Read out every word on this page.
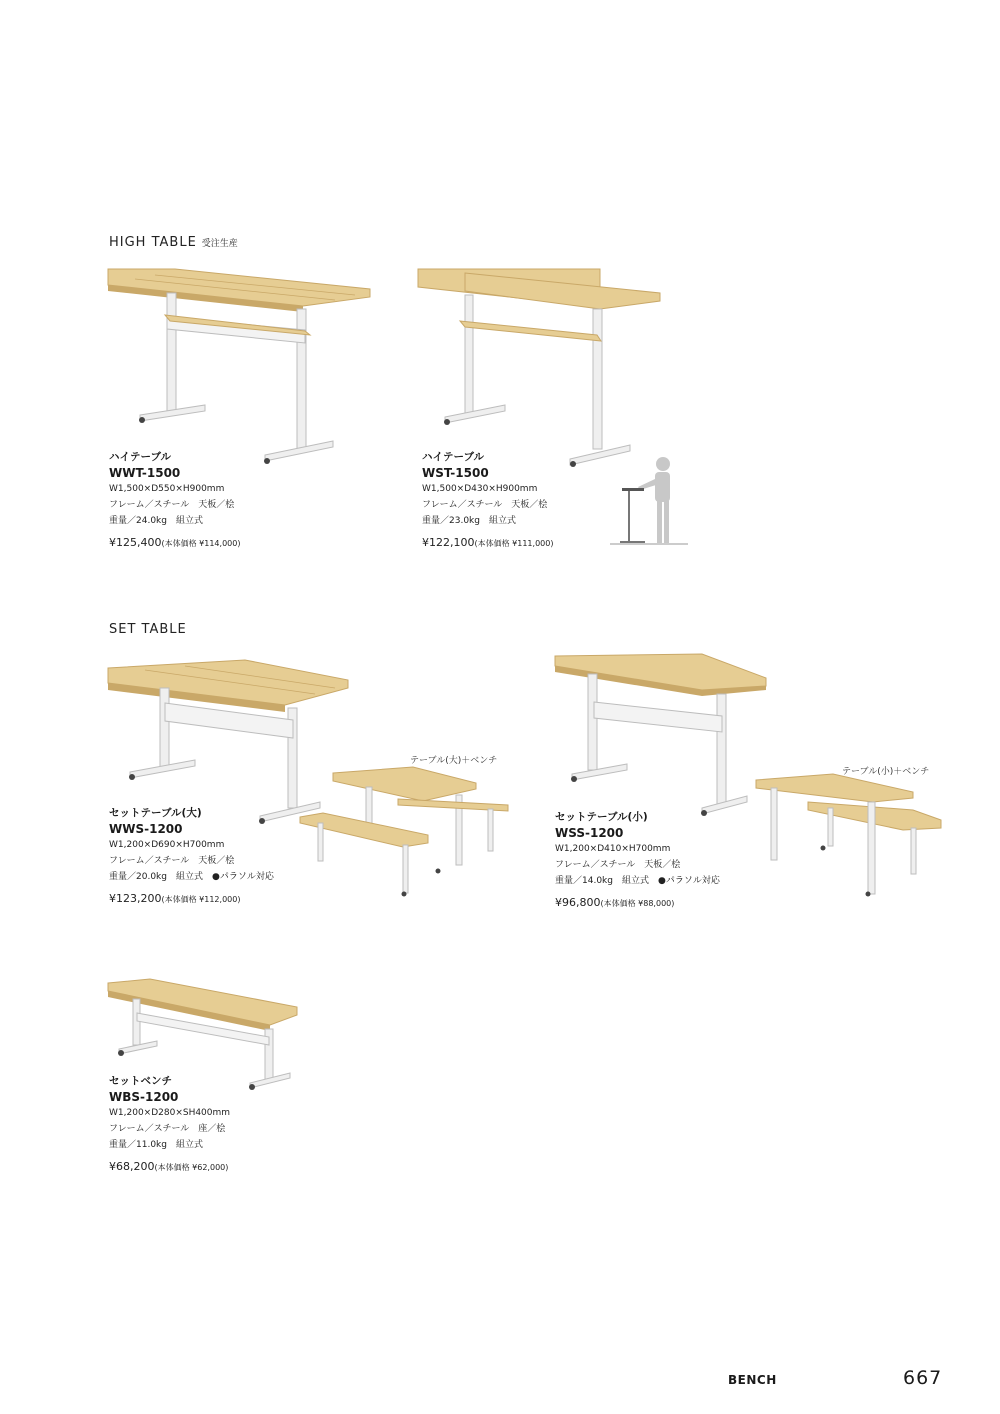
HIGH TABLE 受注生産
SET TABLE
ハイテーブル
WWT-1500
W1,500×D550×H900mm
フレーム／スチール　天板／桧
重量／24.0kg　組立式
¥125,400(本体価格 ¥114,000)
ハイテーブル
WST-1500
W1,500×D430×H900mm
フレーム／スチール　天板／桧
重量／23.0kg　組立式
¥122,100(本体価格 ¥111,000)
テーブル(大)＋ベンチ
テーブル(小)＋ベンチ
セットテーブル(大)
WWS-1200
W1,200×D690×H700mm
フレーム／スチール　天板／桧
重量／20.0kg　組立式　●パラソル対応
¥123,200(本体価格 ¥112,000)
セットテーブル(小)
WSS-1200
W1,200×D410×H700mm
フレーム／スチール　天板／桧
重量／14.0kg　組立式　●パラソル対応
¥96,800(本体価格 ¥88,000)
セットベンチ
WBS-1200
W1,200×D280×SH400mm
フレーム／スチール　座／桧
重量／11.0kg　組立式
¥68,200(本体価格 ¥62,000)
BENCH	667
